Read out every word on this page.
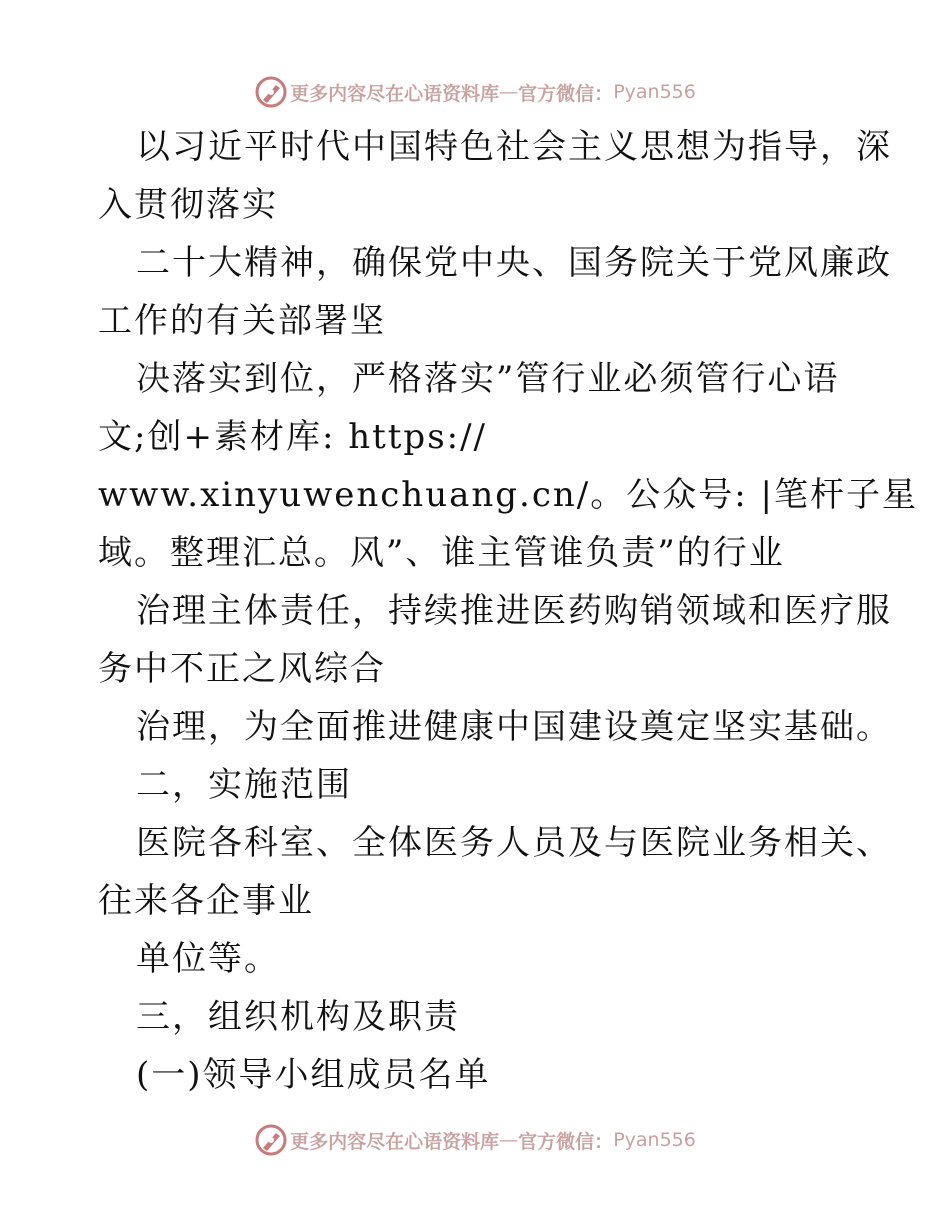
更多内容尽在心语资料库 — 官方微信： Pyan556
以习近平时代中国特色社会主义思想为指导，深
入贯彻落实
二十大精神，确保党中央、国务院关于党风廉政
工作的有关部署坚
决落实到位，严格落实”管行业必须管行心语
文;创+素材库: https://
www.xinyuwenchuang.cn/。公众号: |笔杆子星
域。整理汇总。风”、谁主管谁负责”的行业
治理主体责任，持续推进医药购销领域和医疗服
务中不正之风综合
治理，为全面推进健康中国建设奠定坚实基础。
二，实施范围
医院各科室、全体医务人员及与医院业务相关、
往来各企事业
单位等。
三，组织机构及职责
(一)领导小组成员名单
更多内容尽在心语资料库 — 官方微信： Pyan556
